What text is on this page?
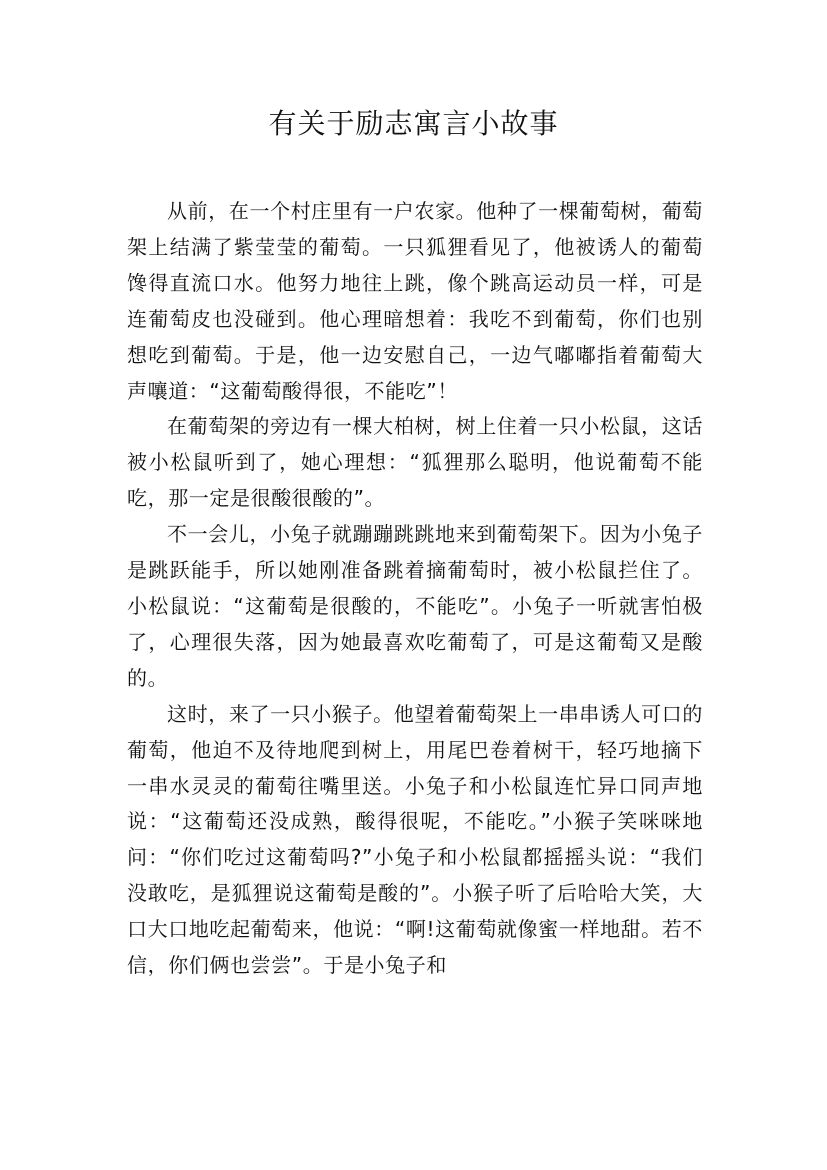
有关于励志寓言小故事

从前，在一个村庄里有一户农家。他种了一棵葡萄树，葡萄架上结满了紫莹莹的葡萄。一只狐狸看见了，他被诱人的葡萄馋得直流口水。他努力地往上跳，像个跳高运动员一样，可是连葡萄皮也没碰到。他心理暗想着：我吃不到葡萄，你们也别想吃到葡萄。于是，他一边安慰自己，一边气嘟嘟指着葡萄大声嚷道：“这葡萄酸得很，不能吃”！

在葡萄架的旁边有一棵大柏树，树上住着一只小松鼠，这话被小松鼠听到了，她心理想：“狐狸那么聪明，他说葡萄不能吃，那一定是很酸很酸的”。

不一会儿，小兔子就蹦蹦跳跳地来到葡萄架下。因为小兔子是跳跃能手，所以她刚准备跳着摘葡萄时，被小松鼠拦住了。小松鼠说：“这葡萄是很酸的，不能吃”。小兔子一听就害怕极了，心理很失落，因为她最喜欢吃葡萄了，可是这葡萄又是酸的。

这时，来了一只小猴子。他望着葡萄架上一串串诱人可口的葡萄，他迫不及待地爬到树上，用尾巴卷着树干，轻巧地摘下一串水灵灵的葡萄往嘴里送。小兔子和小松鼠连忙异口同声地说：“这葡萄还没成熟，酸得很呢，不能吃。”小猴子笑咪咪地问：“你们吃过这葡萄吗?”小兔子和小松鼠都摇摇头说：“我们没敢吃，是狐狸说这葡萄是酸的”。小猴子听了后哈哈大笑，大口大口地吃起葡萄来，他说：“啊!这葡萄就像蜜一样地甜。若不信，你们俩也尝尝”。于是小兔子和
